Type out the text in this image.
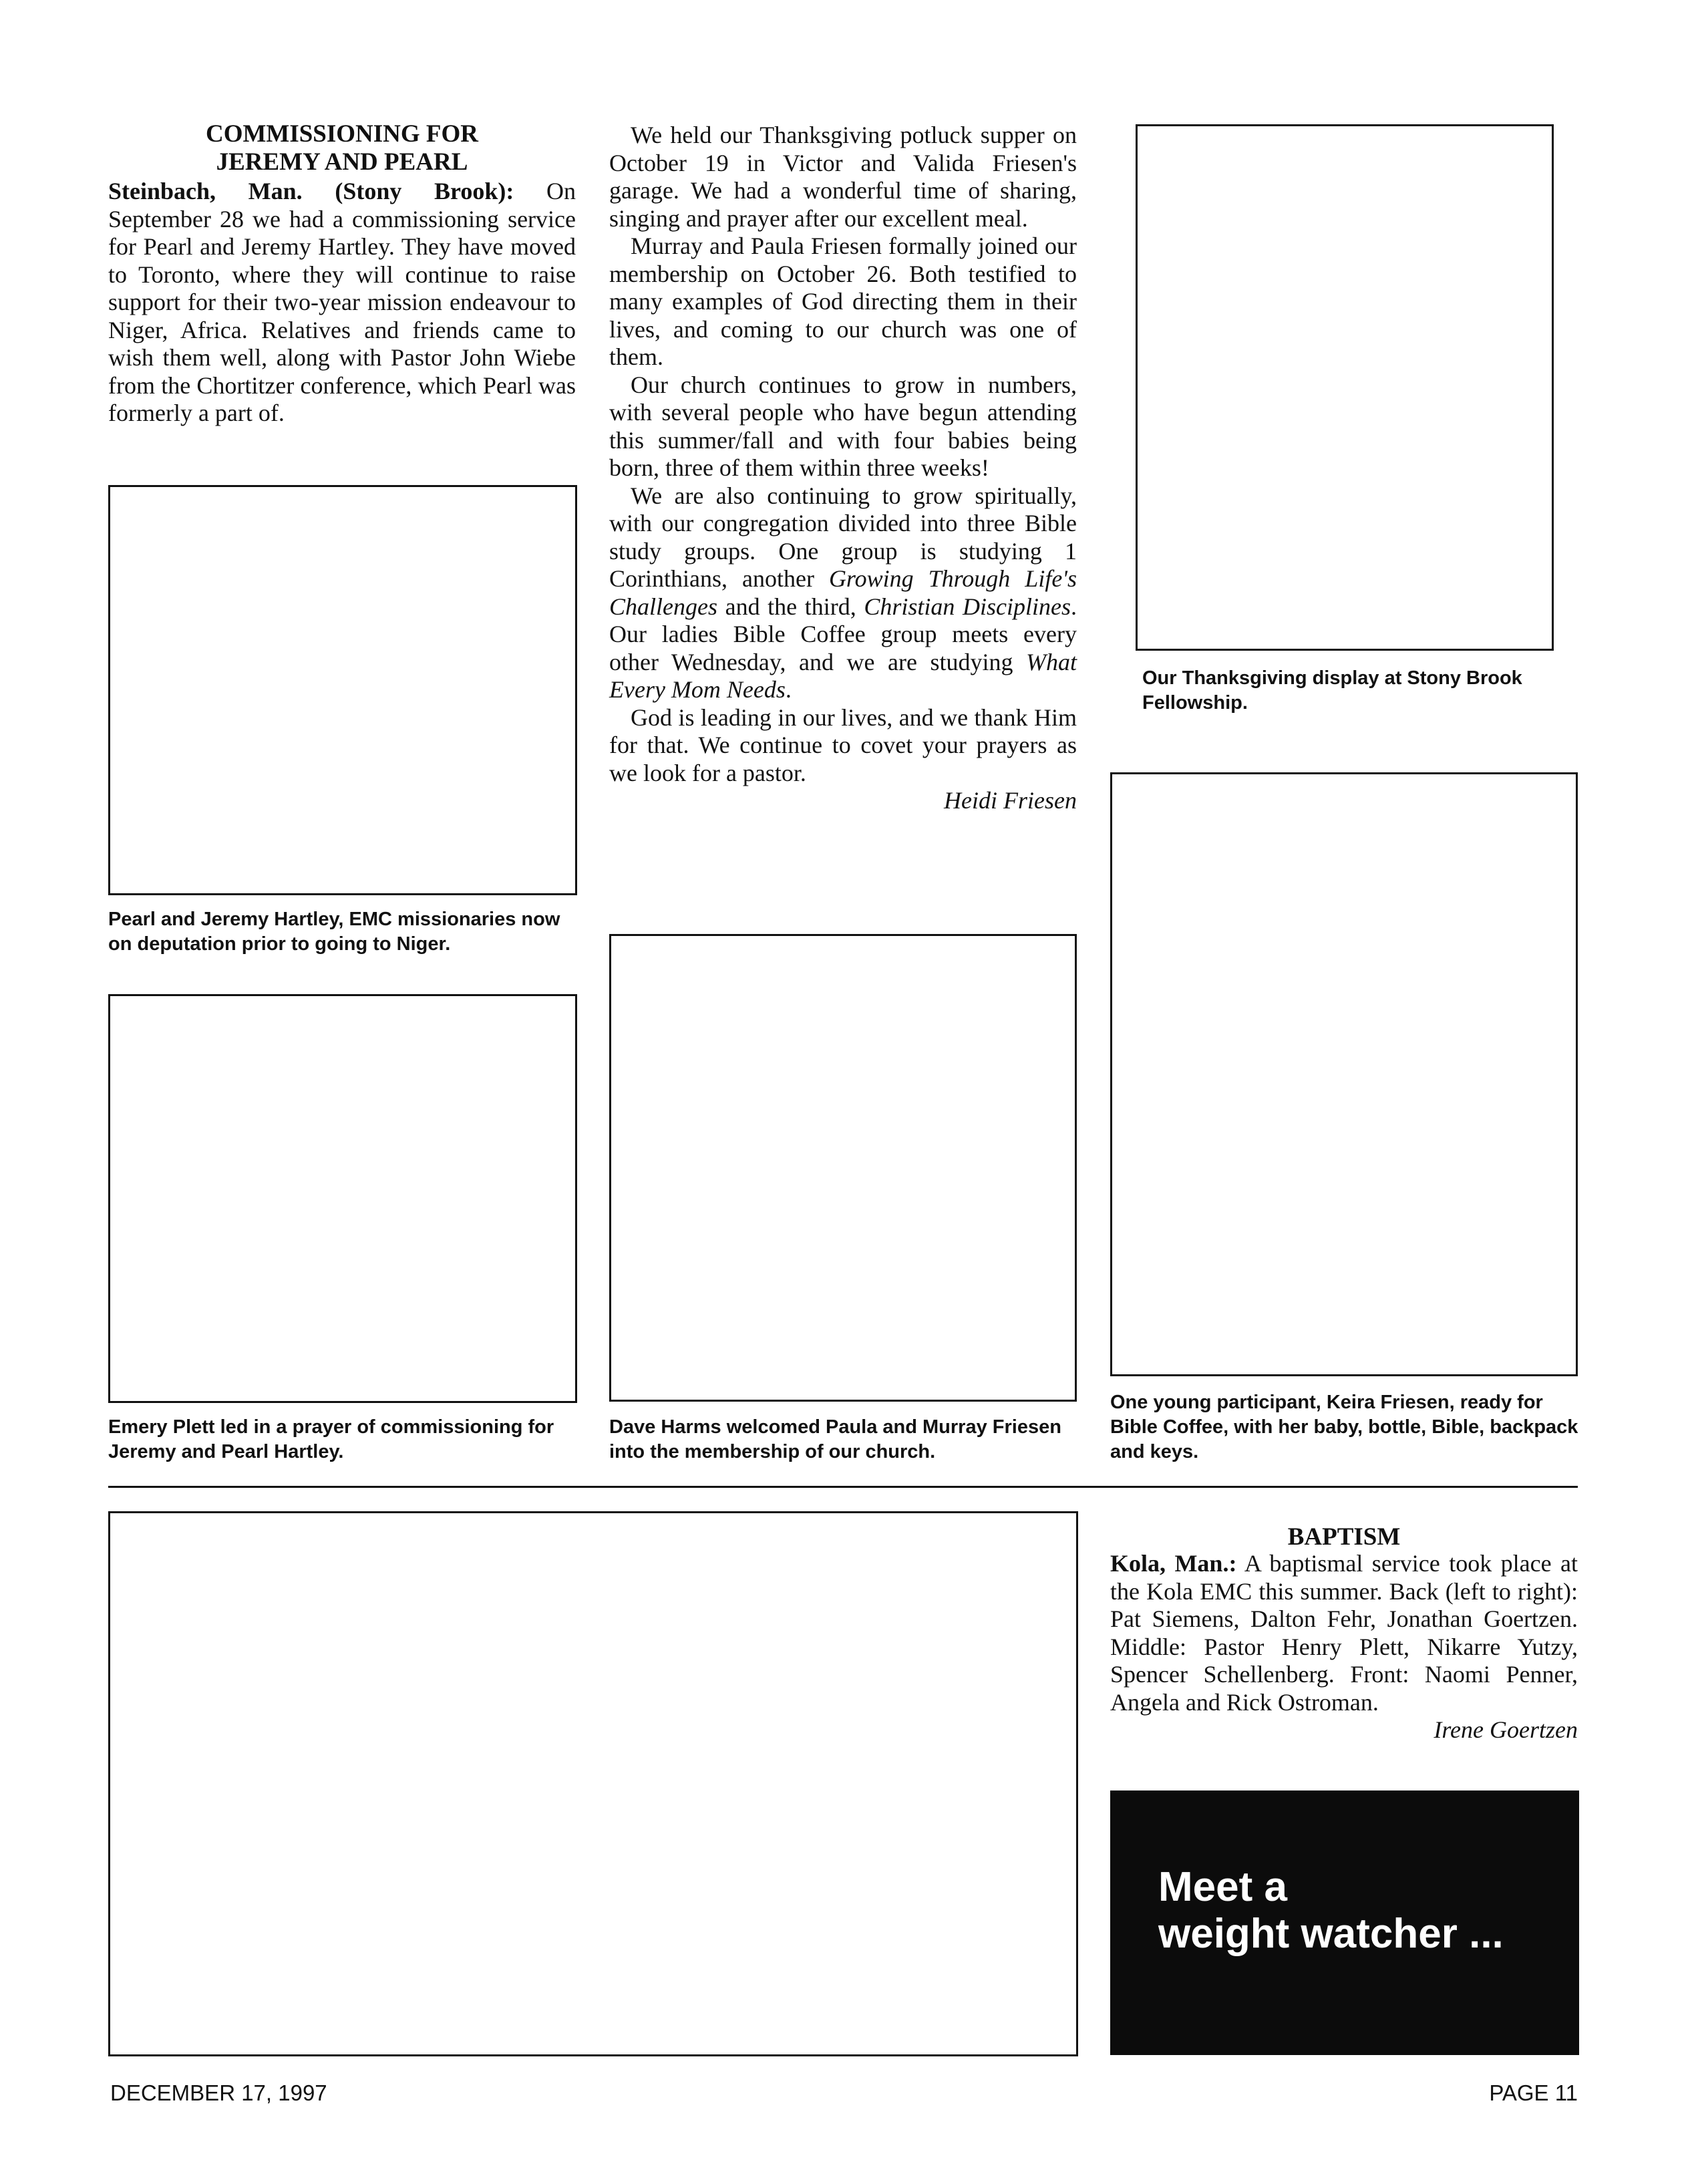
COMMISSIONING FOR
JEREMY AND PEARL

Steinbach, Man. (Stony Brook): On September 28 we had a commissioning service for Pearl and Jeremy Hartley. They have moved to Toronto, where they will continue to raise support for their two-year mission endeavour to Niger, Africa. Relatives and friends came to wish them well, along with Pastor John Wiebe from the Chortitzer conference, which Pearl was formerly a part of.

Pearl and Jeremy Hartley, EMC missionaries now on deputation prior to going to Niger.
Emery Plett led in a prayer of commissioning for Jeremy and Pearl Hartley.

We held our Thanksgiving potluck supper on October 19 in Victor and Valida Friesen's garage. We had a wonderful time of sharing, singing and prayer after our excellent meal.

Murray and Paula Friesen formally joined our membership on October 26. Both testified to many examples of God directing them in their lives, and coming to our church was one of them.

Our church continues to grow in numbers, with several people who have begun attending this summer/fall and with four babies being born, three of them within three weeks!

We are also continuing to grow spiritually, with our congregation divided into three Bible study groups. One group is studying 1 Corinthians, another Growing Through Life's Challenges and the third, Christian Disciplines. Our ladies Bible Coffee group meets every other Wednesday, and we are studying What Every Mom Needs.

God is leading in our lives, and we thank Him for that. We continue to covet your prayers as we look for a pastor.

Heidi Friesen

Dave Harms welcomed Paula and Murray Friesen into the membership of our church.
Our Thanksgiving display at Stony Brook Fellowship.
One young participant, Keira Friesen, ready for Bible Coffee, with her baby, bottle, Bible, backpack and keys.
BAPTISM

Kola, Man.: A baptismal service took place at the Kola EMC this summer. Back (left to right): Pat Siemens, Dalton Fehr, Jonathan Goertzen. Middle: Pastor Henry Plett, Nikarre Yutzy, Spencer Schellenberg. Front: Naomi Penner, Angela and Rick Ostroman.

Irene Goertzen

Meet a
weight watcher ...
DECEMBER 17, 1997	PAGE 11
